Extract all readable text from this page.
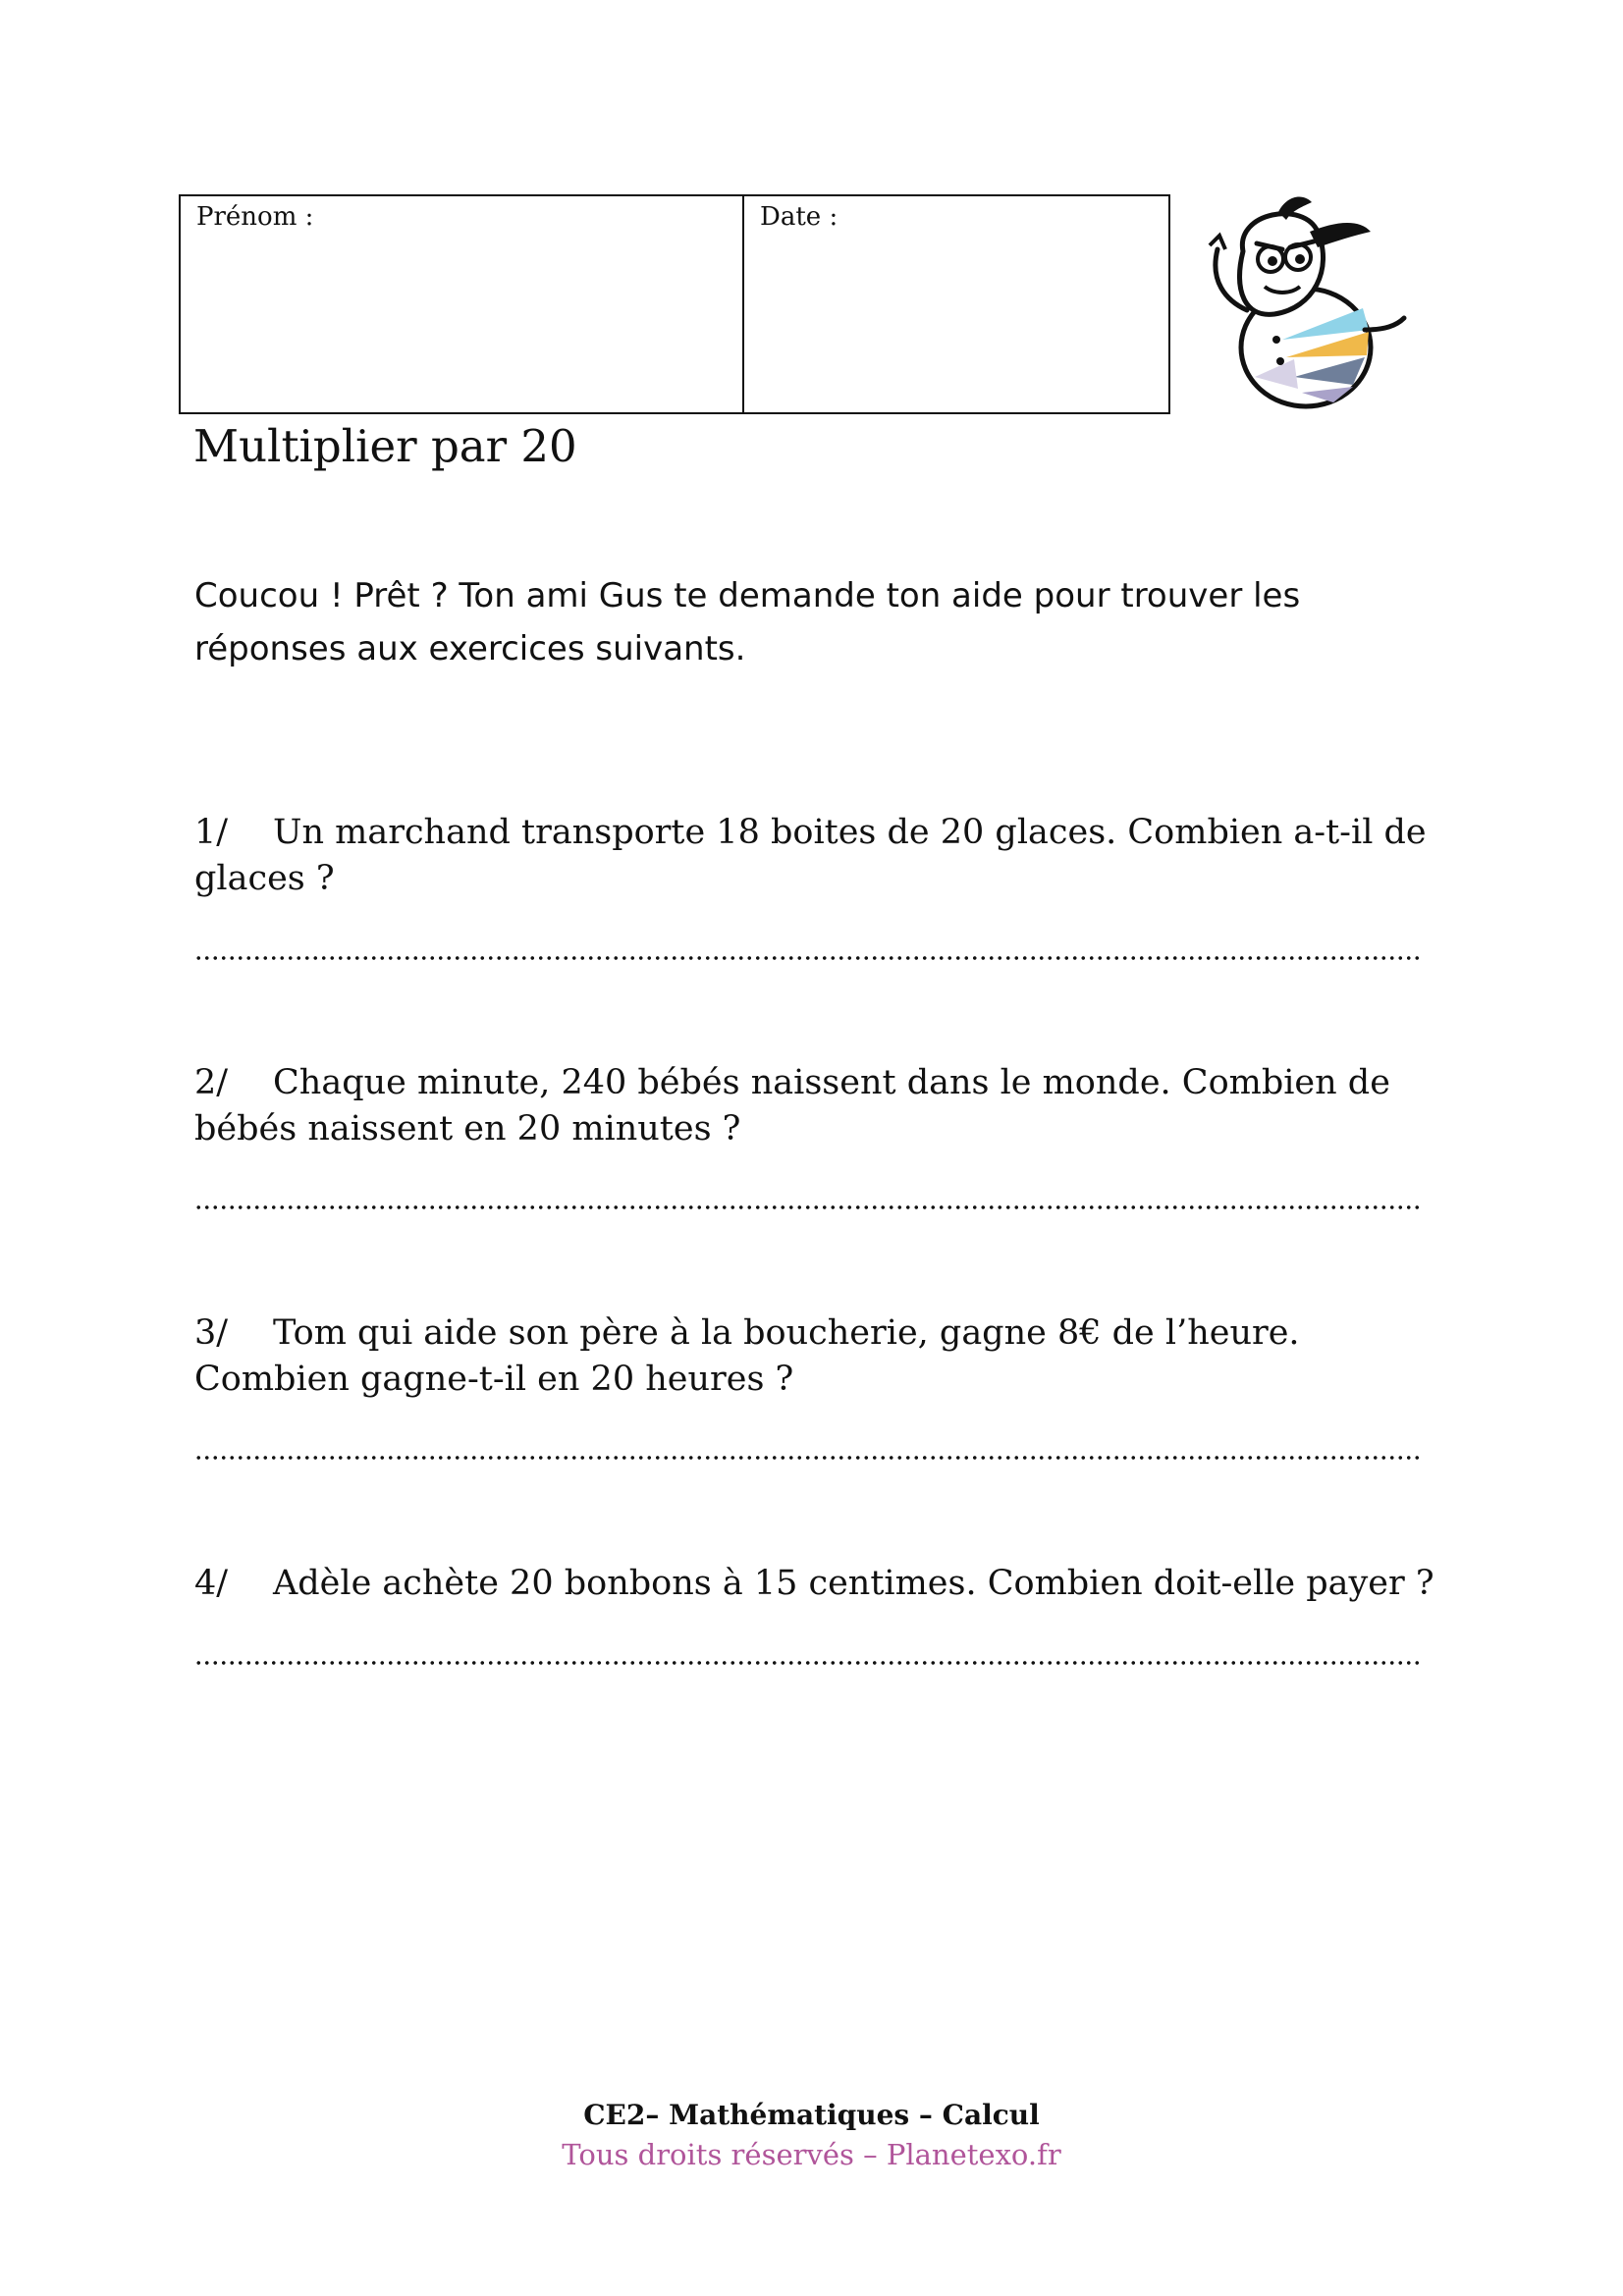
Prénom :	Date :
Multiplier par 20
Coucou ! Prêt ? Ton ami Gus te demande ton aide pour trouver les
réponses aux exercices suivants.
1/ Un marchand transporte 18 boites de 20 glaces. Combien a-t-il de
glaces ?
2/ Chaque minute, 240 bébés naissent dans le monde. Combien de
bébés naissent en 20 minutes ?
3/ Tom qui aide son père à la boucherie, gagne 8€ de l’heure.
Combien gagne-t-il en 20 heures ?
4/ Adèle achète 20 bonbons à 15 centimes. Combien doit-elle payer ?
CE2– Mathématiques – Calcul
Tous droits réservés – Planetexo.fr
